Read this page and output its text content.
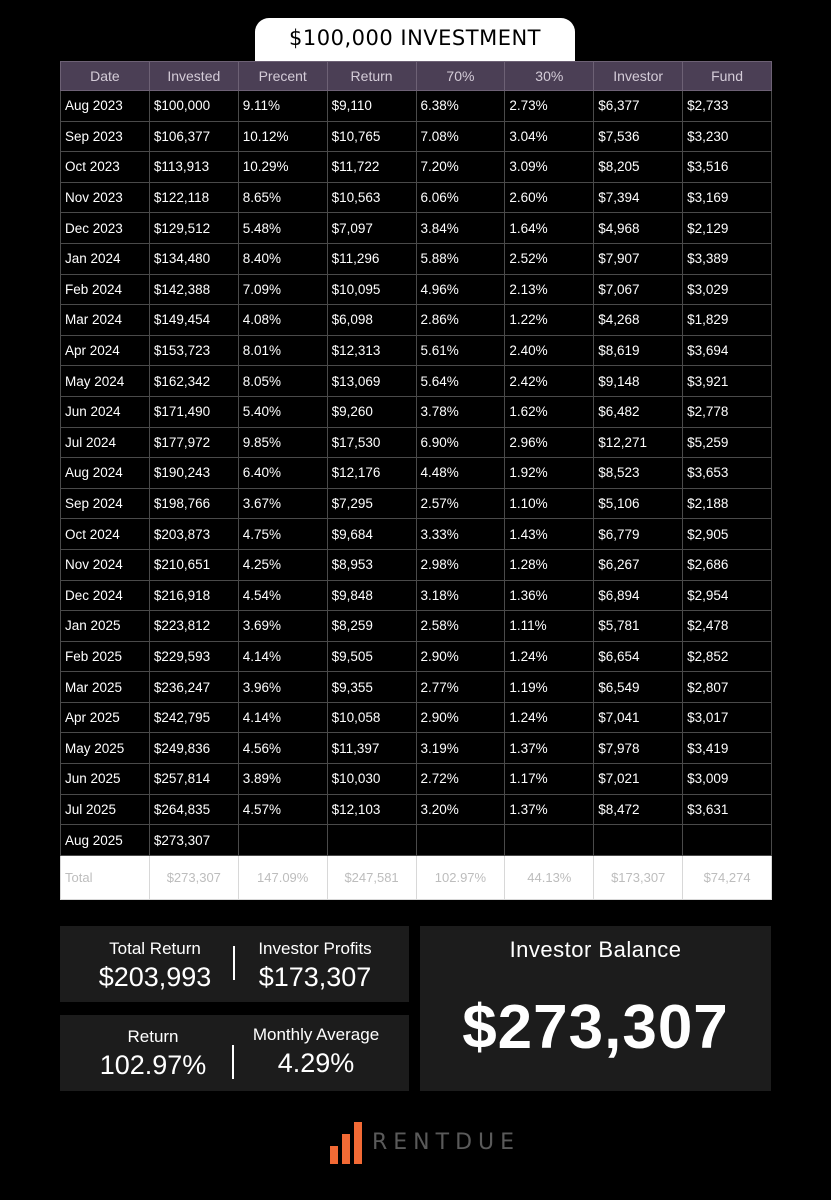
$100,000 INVESTMENT
Date	Invested	Precent	Return	70%	30%	Investor	Fund
Aug 2023	$100,000	9.11%	$9,110	6.38%	2.73%	$6,377	$2,733
Sep 2023	$106,377	10.12%	$10,765	7.08%	3.04%	$7,536	$3,230
Oct 2023	$113,913	10.29%	$11,722	7.20%	3.09%	$8,205	$3,516
Nov 2023	$122,118	8.65%	$10,563	6.06%	2.60%	$7,394	$3,169
Dec 2023	$129,512	5.48%	$7,097	3.84%	1.64%	$4,968	$2,129
Jan 2024	$134,480	8.40%	$11,296	5.88%	2.52%	$7,907	$3,389
Feb 2024	$142,388	7.09%	$10,095	4.96%	2.13%	$7,067	$3,029
Mar 2024	$149,454	4.08%	$6,098	2.86%	1.22%	$4,268	$1,829
Apr 2024	$153,723	8.01%	$12,313	5.61%	2.40%	$8,619	$3,694
May 2024	$162,342	8.05%	$13,069	5.64%	2.42%	$9,148	$3,921
Jun 2024	$171,490	5.40%	$9,260	3.78%	1.62%	$6,482	$2,778
Jul 2024	$177,972	9.85%	$17,530	6.90%	2.96%	$12,271	$5,259
Aug 2024	$190,243	6.40%	$12,176	4.48%	1.92%	$8,523	$3,653
Sep 2024	$198,766	3.67%	$7,295	2.57%	1.10%	$5,106	$2,188
Oct 2024	$203,873	4.75%	$9,684	3.33%	1.43%	$6,779	$2,905
Nov 2024	$210,651	4.25%	$8,953	2.98%	1.28%	$6,267	$2,686
Dec 2024	$216,918	4.54%	$9,848	3.18%	1.36%	$6,894	$2,954
Jan 2025	$223,812	3.69%	$8,259	2.58%	1.11%	$5,781	$2,478
Feb 2025	$229,593	4.14%	$9,505	2.90%	1.24%	$6,654	$2,852
Mar 2025	$236,247	3.96%	$9,355	2.77%	1.19%	$6,549	$2,807
Apr 2025	$242,795	4.14%	$10,058	2.90%	1.24%	$7,041	$3,017
May 2025	$249,836	4.56%	$11,397	3.19%	1.37%	$7,978	$3,419
Jun 2025	$257,814	3.89%	$10,030	2.72%	1.17%	$7,021	$3,009
Jul 2025	$264,835	4.57%	$12,103	3.20%	1.37%	$8,472	$3,631
Aug 2025	$273,307						
Total	$273,307	147.09%	$247,581	102.97%	44.13%	$173,307	$74,274
Total Return
$203,993
Investor Profits
$173,307
Return
102.97%
Monthly Average
4.29%
Investor Balance
$273,307
RENTDUE
